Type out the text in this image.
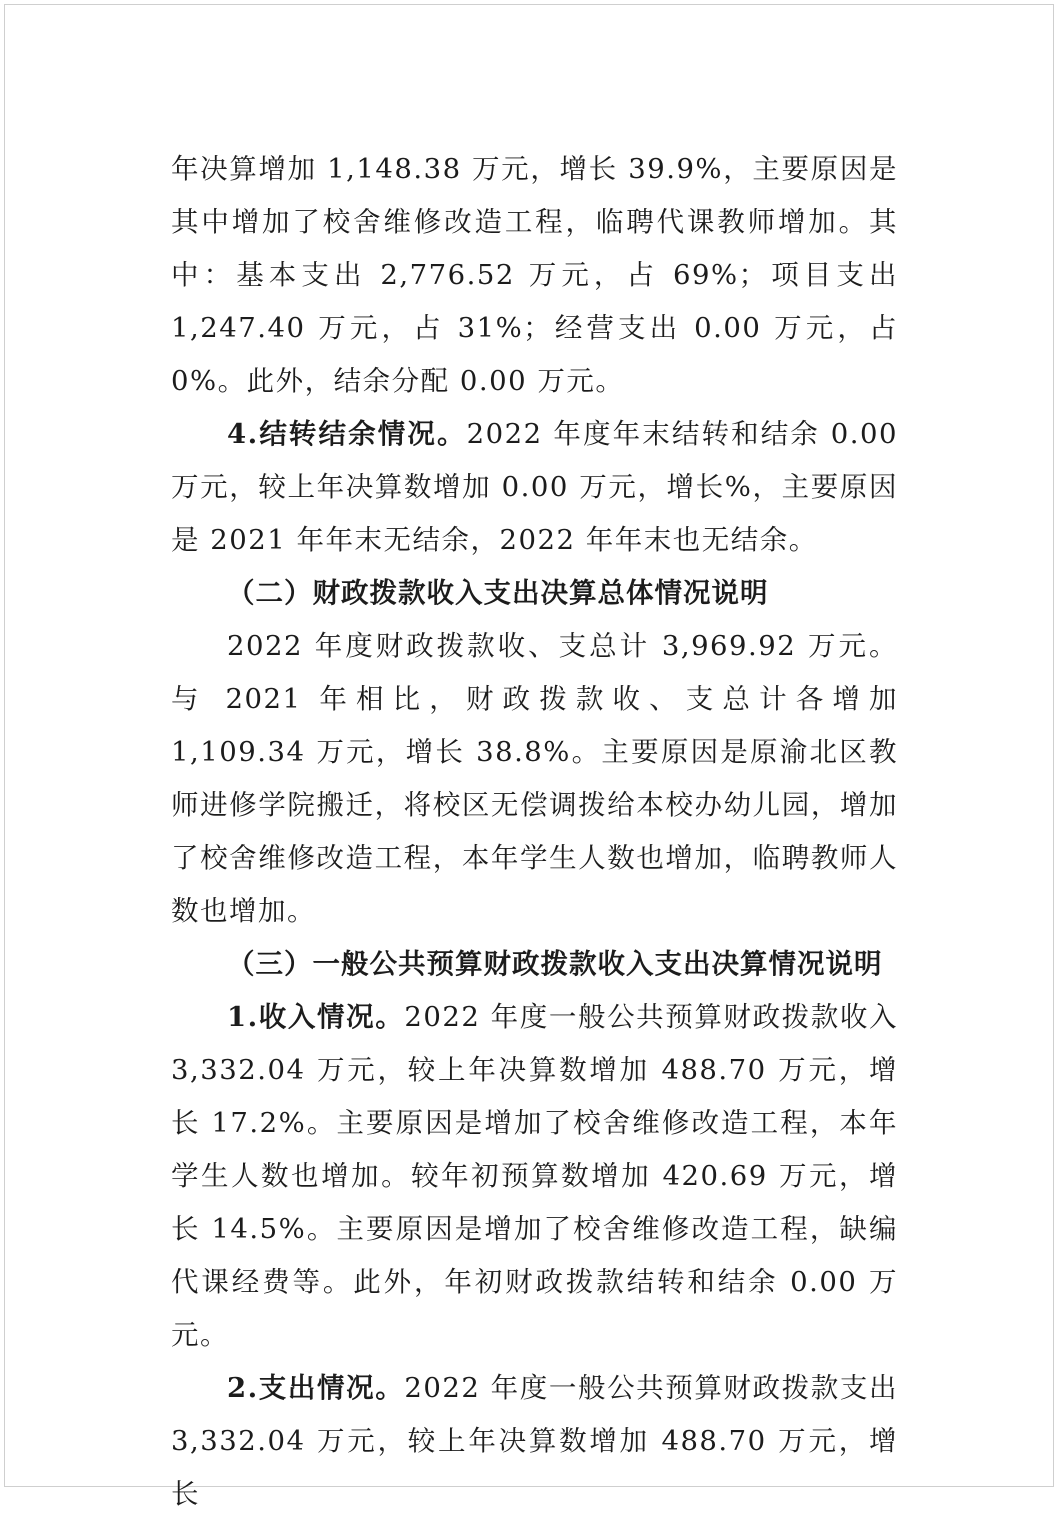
年决算增加 1,148.38 万元，增长 39.9%，主要原因是其中增加了校舍维修改造工程，临聘代课教师增加。其中：基本支出 2,776.52 万元，占 69%；项目支出 1,247.40 万元，占 31%；经营支出 0.00 万元，占 0%。此外，结余分配 0.00 万元。

4.结转结余情况。2022 年度年末结转和结余 0.00 万元，较上年决算数增加 0.00 万元，增长%，主要原因是 2021 年年末无结余，2022 年年末也无结余。

（二）财政拨款收入支出决算总体情况说明

2022 年度财政拨款收、支总计 3,969.92 万元。与 2021 年相比，财政拨款收、支总计各增加 1,109.34 万元，增长 38.8%。主要原因是原渝北区教师进修学院搬迁，将校区无偿调拨给本校办幼儿园，增加了校舍维修改造工程，本年学生人数也增加，临聘教师人数也增加。

（三）一般公共预算财政拨款收入支出决算情况说明

1.收入情况。2022 年度一般公共预算财政拨款收入 3,332.04 万元，较上年决算数增加 488.70 万元，增长 17.2%。主要原因是增加了校舍维修改造工程，本年学生人数也增加。较年初预算数增加 420.69 万元，增长 14.5%。主要原因是增加了校舍维修改造工程，缺编代课经费等。此外，年初财政拨款结转和结余 0.00 万元。

2.支出情况。2022 年度一般公共预算财政拨款支出 3,332.04 万元，较上年决算数增加 488.70 万元，增长
